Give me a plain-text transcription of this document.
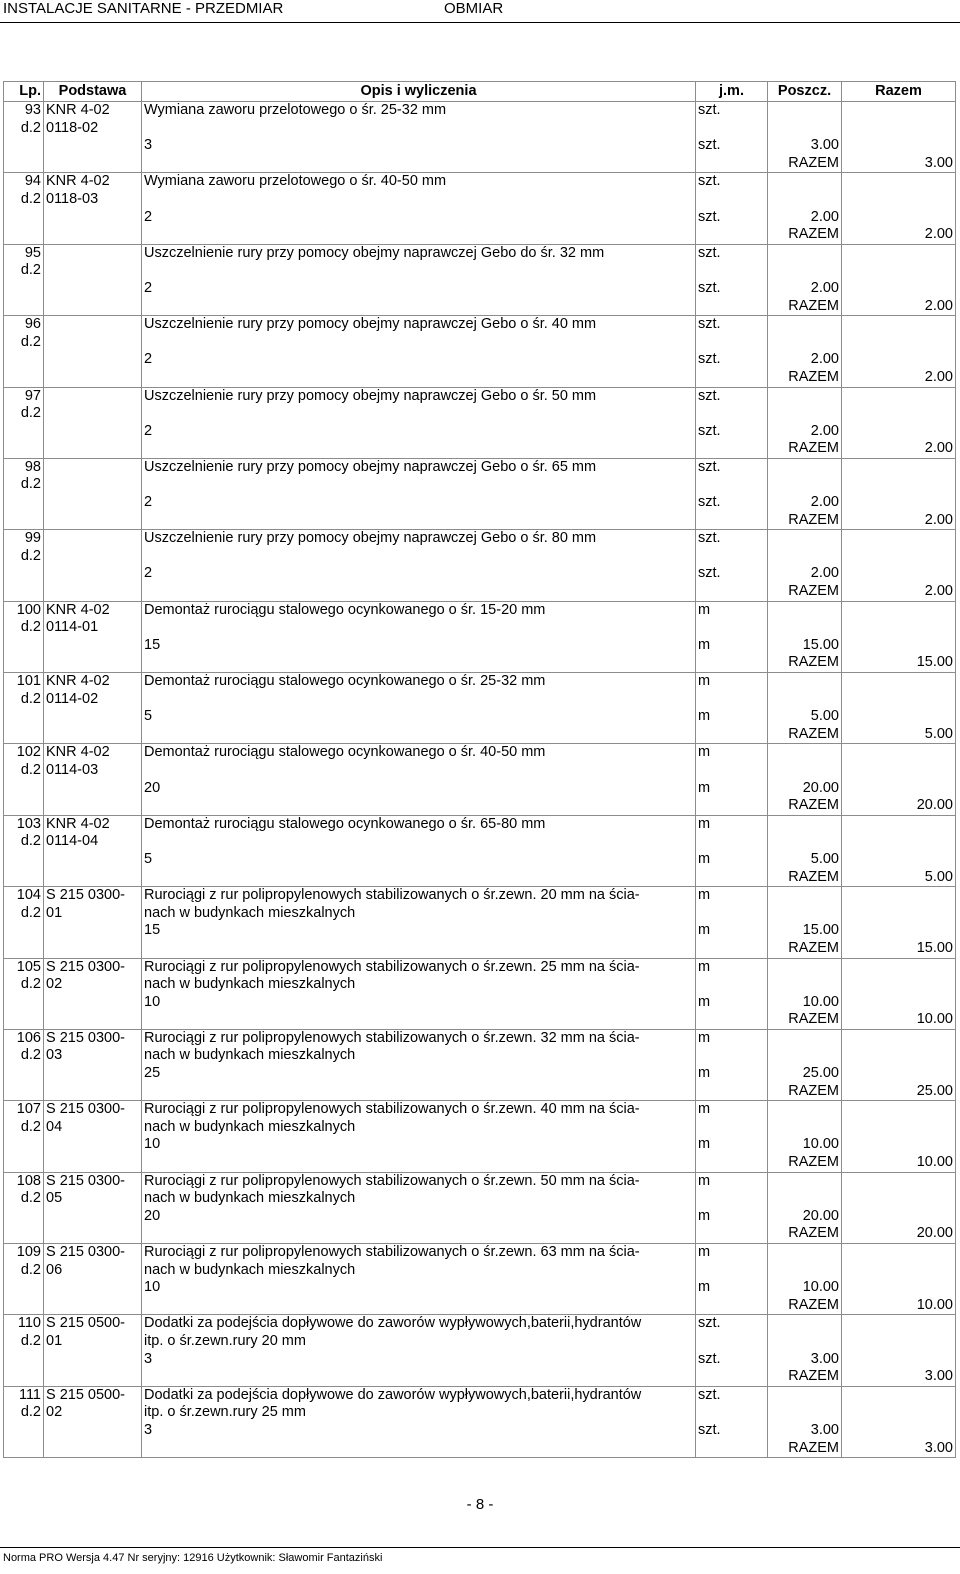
INSTALACJE SANITARNE - PRZEDMIAR	OBMIAR
Lp.	Podstawa	Opis i wyliczenia	j.m.	Poszcz.	Razem
93	KNR 4-02	Wymiana zaworu przelotowego o śr. 25-32 mm	szt.		
d.2	0118-02				
		3	szt.	3.00	
				RAZEM	3.00
94	KNR 4-02	Wymiana zaworu przelotowego o śr. 40-50 mm	szt.		
d.2	0118-03				
		2	szt.	2.00	
				RAZEM	2.00
95		Uszczelnienie rury przy pomocy obejmy naprawczej Gebo do śr. 32 mm	szt.		
d.2					
		2	szt.	2.00	
				RAZEM	2.00
96		Uszczelnienie rury przy pomocy obejmy naprawczej Gebo o śr. 40 mm	szt.		
d.2					
		2	szt.	2.00	
				RAZEM	2.00
97		Uszczelnienie rury przy pomocy obejmy naprawczej Gebo o śr. 50 mm	szt.		
d.2					
		2	szt.	2.00	
				RAZEM	2.00
98		Uszczelnienie rury przy pomocy obejmy naprawczej Gebo o śr. 65 mm	szt.		
d.2					
		2	szt.	2.00	
				RAZEM	2.00
99		Uszczelnienie rury przy pomocy obejmy naprawczej Gebo o śr. 80 mm	szt.		
d.2					
		2	szt.	2.00	
				RAZEM	2.00
100	KNR 4-02	Demontaż rurociągu stalowego ocynkowanego o śr. 15-20 mm	m		
d.2	0114-01				
		15	m	15.00	
				RAZEM	15.00
101	KNR 4-02	Demontaż rurociągu stalowego ocynkowanego o śr. 25-32 mm	m		
d.2	0114-02				
		5	m	5.00	
				RAZEM	5.00
102	KNR 4-02	Demontaż rurociągu stalowego ocynkowanego o śr. 40-50 mm	m		
d.2	0114-03				
		20	m	20.00	
				RAZEM	20.00
103	KNR 4-02	Demontaż rurociągu stalowego ocynkowanego o śr. 65-80 mm	m		
d.2	0114-04				
		5	m	5.00	
				RAZEM	5.00
104	S 215 0300-	Rurociągi z rur polipropylenowych stabilizowanych o śr.zewn. 20 mm na ścia-	m		
d.2	01	nach w budynkach mieszkalnych			
		15	m	15.00	
				RAZEM	15.00
105	S 215 0300-	Rurociągi z rur polipropylenowych stabilizowanych o śr.zewn. 25 mm na ścia-	m		
d.2	02	nach w budynkach mieszkalnych			
		10	m	10.00	
				RAZEM	10.00
106	S 215 0300-	Rurociągi z rur polipropylenowych stabilizowanych o śr.zewn. 32 mm na ścia-	m		
d.2	03	nach w budynkach mieszkalnych			
		25	m	25.00	
				RAZEM	25.00
107	S 215 0300-	Rurociągi z rur polipropylenowych stabilizowanych o śr.zewn. 40 mm na ścia-	m		
d.2	04	nach w budynkach mieszkalnych			
		10	m	10.00	
				RAZEM	10.00
108	S 215 0300-	Rurociągi z rur polipropylenowych stabilizowanych o śr.zewn. 50 mm na ścia-	m		
d.2	05	nach w budynkach mieszkalnych			
		20	m	20.00	
				RAZEM	20.00
109	S 215 0300-	Rurociągi z rur polipropylenowych stabilizowanych o śr.zewn. 63 mm na ścia-	m		
d.2	06	nach w budynkach mieszkalnych			
		10	m	10.00	
				RAZEM	10.00
110	S 215 0500-	Dodatki za podejścia dopływowe do zaworów wypływowych,baterii,hydrantów	szt.		
d.2	01	itp. o śr.zewn.rury 20 mm			
		3	szt.	3.00	
				RAZEM	3.00
111	S 215 0500-	Dodatki za podejścia dopływowe do zaworów wypływowych,baterii,hydrantów	szt.		
d.2	02	itp. o śr.zewn.rury 25 mm			
		3	szt.	3.00	
				RAZEM	3.00
- 8 -
Norma PRO Wersja 4.47 Nr seryjny: 12916 Użytkownik: Sławomir Fantaziński
